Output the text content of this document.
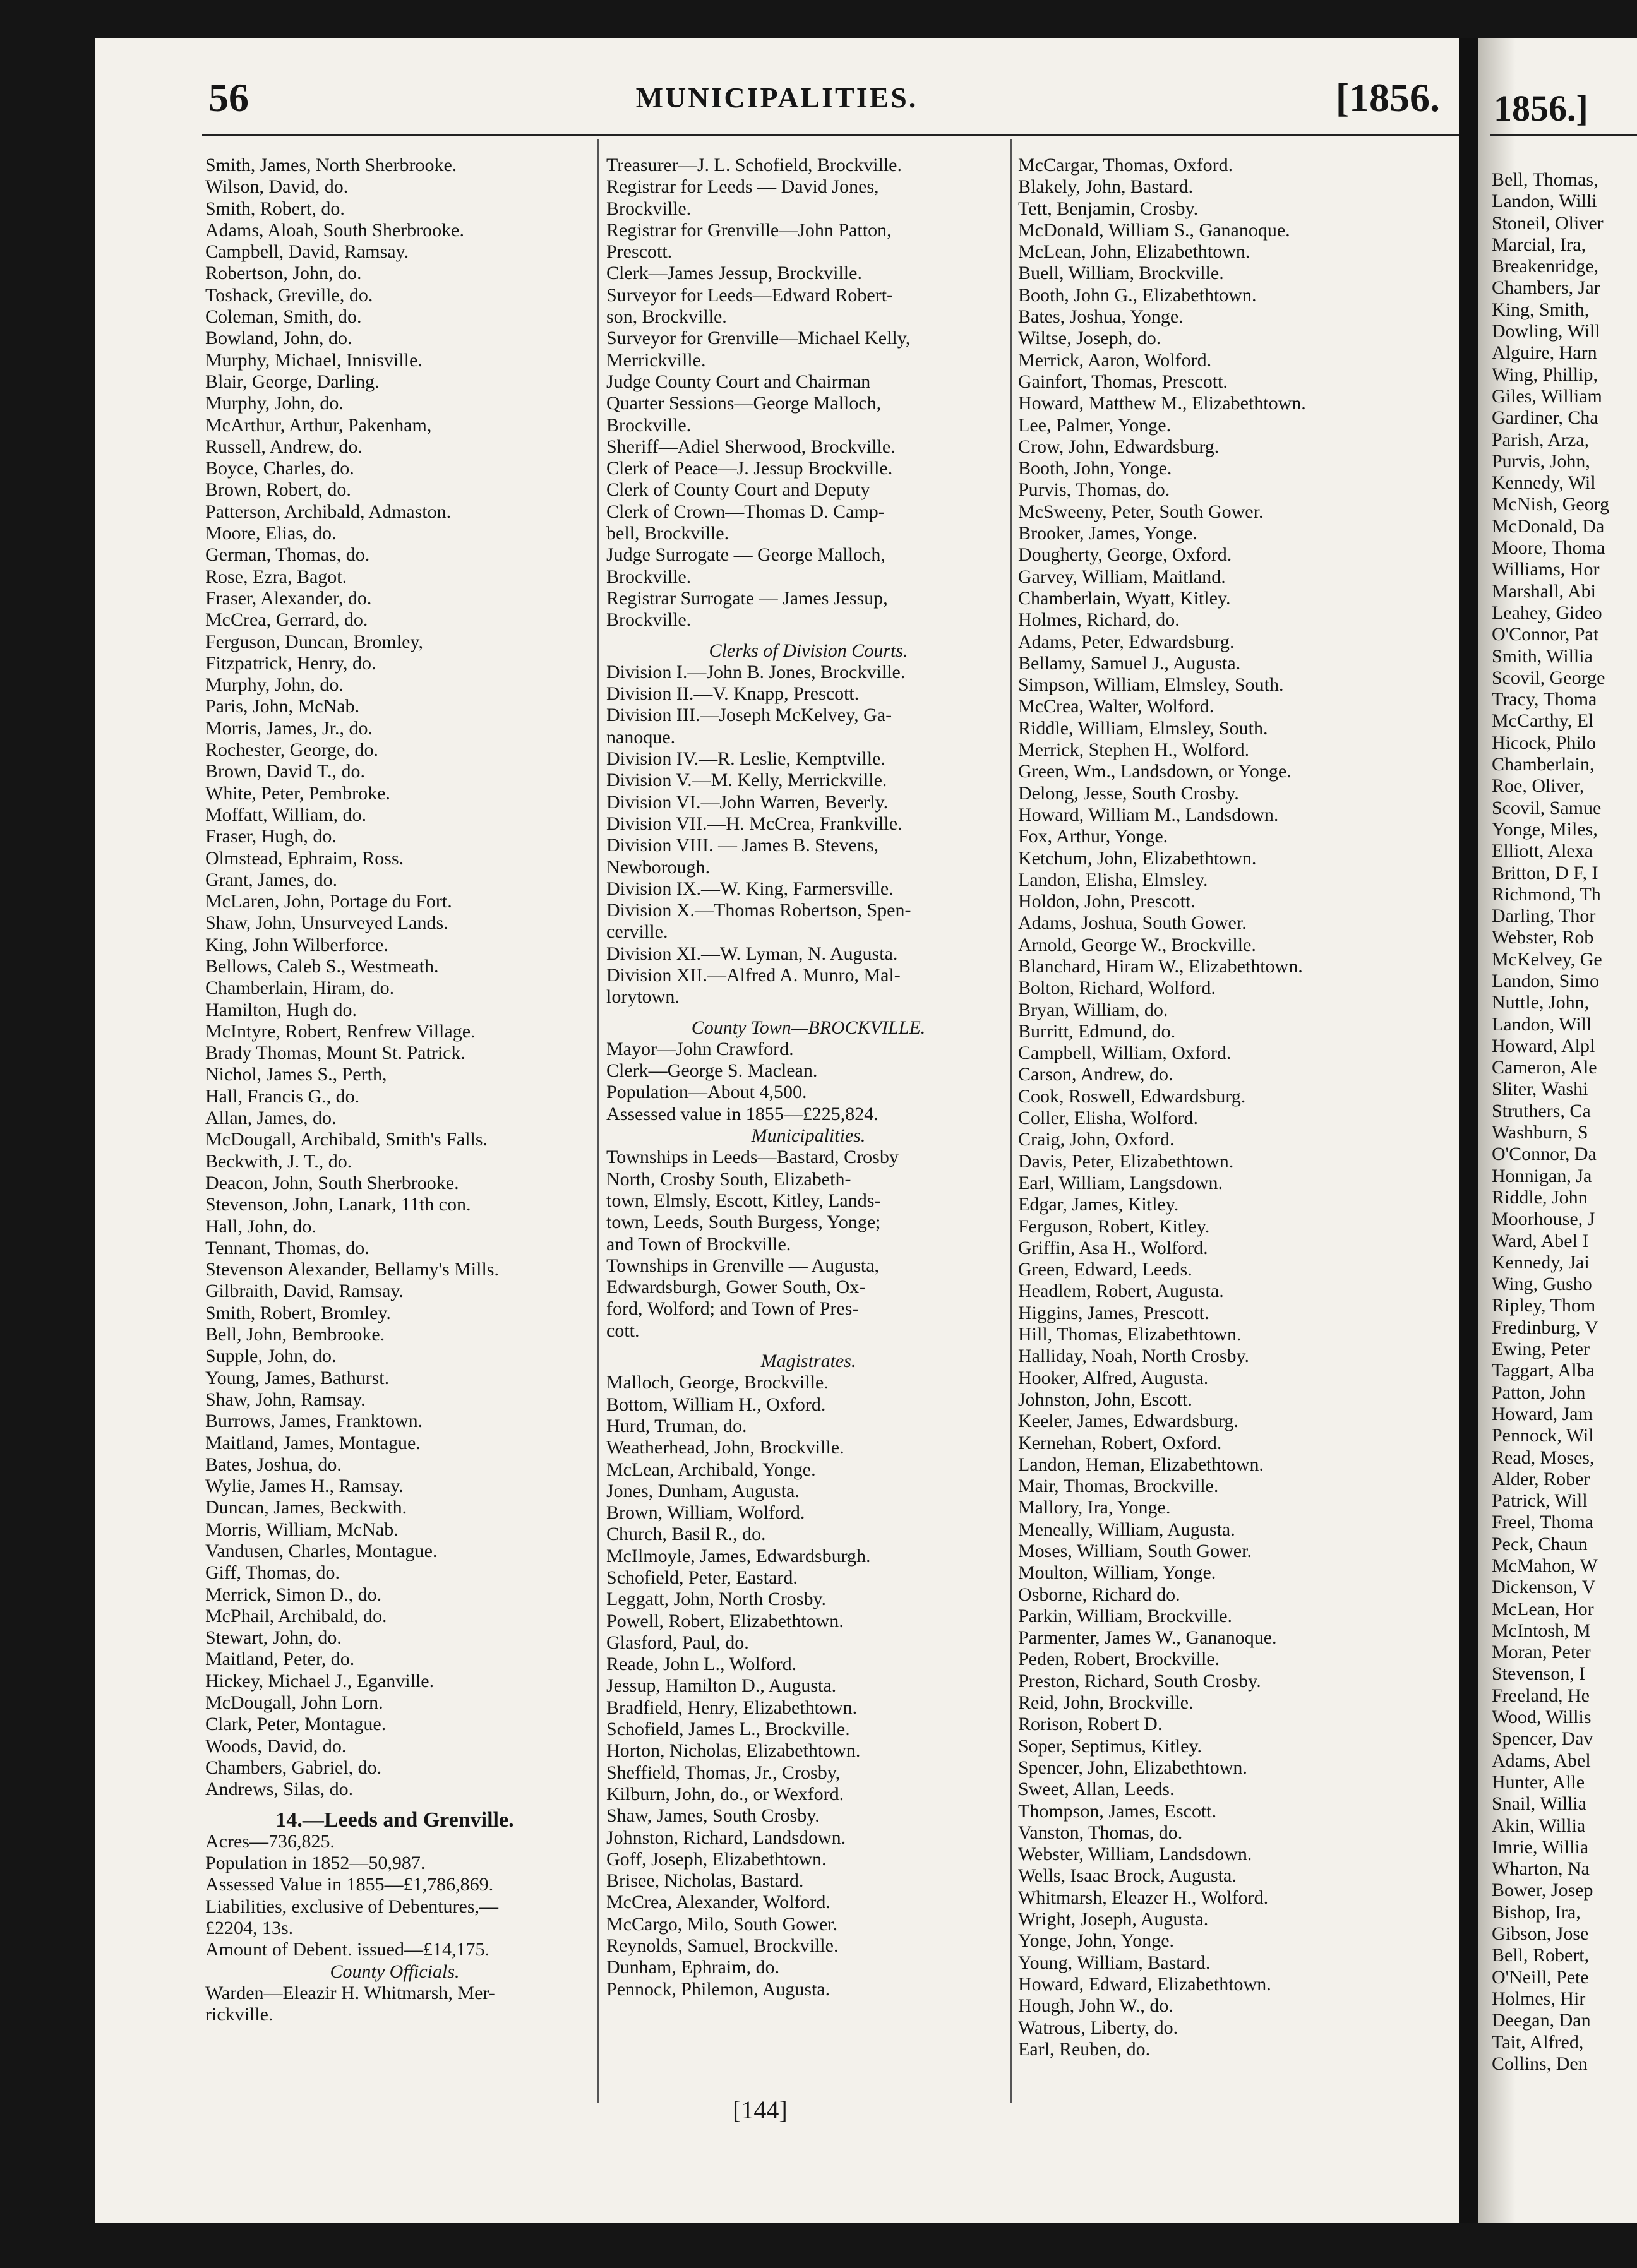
1856.]
56	MUNICIPALITIES.	[1856.
Smith, James, North Sherbrooke.
Wilson, David, do.
Smith, Robert, do.
Adams, Aloah, South Sherbrooke.
Campbell, David, Ramsay.
Robertson, John, do.
Toshack, Greville, do.
Coleman, Smith, do.
Bowland, John, do.
Murphy, Michael, Innisville.
Blair, George, Darling.
Murphy, John, do.
McArthur, Arthur, Pakenham,
Russell, Andrew, do.
Boyce, Charles, do.
Brown, Robert, do.
Patterson, Archibald, Admaston.
Moore, Elias, do.
German, Thomas, do.
Rose, Ezra, Bagot.
Fraser, Alexander, do.
McCrea, Gerrard, do.
Ferguson, Duncan, Bromley,
Fitzpatrick, Henry, do.
Murphy, John, do.
Paris, John, McNab.
Morris, James, Jr., do.
Rochester, George, do.
Brown, David T., do.
White, Peter, Pembroke.
Moffatt, William, do.
Fraser, Hugh, do.
Olmstead, Ephraim, Ross.
Grant, James, do.
McLaren, John, Portage du Fort.
Shaw, John, Unsurveyed Lands.
King, John Wilberforce.
Bellows, Caleb S., Westmeath.
Chamberlain, Hiram, do.
Hamilton, Hugh do.
McIntyre, Robert, Renfrew Village.
Brady Thomas, Mount St. Patrick.
Nichol, James S., Perth,
Hall, Francis G., do.
Allan, James, do.
McDougall, Archibald, Smith's Falls.
Beckwith, J. T., do.
Deacon, John, South Sherbrooke.
Stevenson, John, Lanark, 11th con.
Hall, John, do.
Tennant, Thomas, do.
Stevenson Alexander, Bellamy's Mills.
Gilbraith, David, Ramsay.
Smith, Robert, Bromley.
Bell, John, Bembrooke.
Supple, John, do.
Young, James, Bathurst.
Shaw, John, Ramsay.
Burrows, James, Franktown.
Maitland, James, Montague.
Bates, Joshua, do.
Wylie, James H., Ramsay.
Duncan, James, Beckwith.
Morris, William, McNab.
Vandusen, Charles, Montague.
Giff, Thomas, do.
Merrick, Simon D., do.
McPhail, Archibald, do.
Stewart, John, do.
Maitland, Peter, do.
Hickey, Michael J., Eganville.
McDougall, John Lorn.
Clark, Peter, Montague.
Woods, David, do.
Chambers, Gabriel, do.
Andrews, Silas, do.
14.—Leeds and Grenville.
Acres—736,825.
Population in 1852—50,987.
Assessed Value in 1855—£1,786,869.
Liabilities, exclusive of Debentures,—
£2204, 13s.
Amount of Debent. issued—£14,175.
County Officials.
Warden—Eleazir H. Whitmarsh, Mer-
rickville.
Treasurer—J. L. Schofield, Brockville.
Registrar for Leeds — David Jones,
Brockville.
Registrar for Grenville—John Patton,
Prescott.
Clerk—James Jessup, Brockville.
Surveyor for Leeds—Edward Robert-
son, Brockville.
Surveyor for Grenville—Michael Kelly,
Merrickville.
Judge County Court and Chairman
Quarter Sessions—George Malloch,
Brockville.
Sheriff—Adiel Sherwood, Brockville.
Clerk of Peace—J. Jessup Brockville.
Clerk of County Court and Deputy
Clerk of Crown—Thomas D. Camp-
bell, Brockville.
Judge Surrogate — George Malloch,
Brockville.
Registrar Surrogate — James Jessup,
Brockville.
Clerks of Division Courts.
Division I.—John B. Jones, Brockville.
Division II.—V. Knapp, Prescott.
Division III.—Joseph McKelvey, Ga-
nanoque.
Division IV.—R. Leslie, Kemptville.
Division V.—M. Kelly, Merrickville.
Division VI.—John Warren, Beverly.
Division VII.—H. McCrea, Frankville.
Division VIII. — James B. Stevens,
Newborough.
Division IX.—W. King, Farmersville.
Division X.—Thomas Robertson, Spen-
cerville.
Division XI.—W. Lyman, N. Augusta.
Division XII.—Alfred A. Munro, Mal-
lorytown.
County Town—BROCKVILLE.
Mayor—John Crawford.
Clerk—George S. Maclean.
Population—About 4,500.
Assessed value in 1855—£225,824.
Municipalities.
Townships in Leeds—Bastard, Crosby
North, Crosby South, Elizabeth-
town, Elmsly, Escott, Kitley, Lands-
town, Leeds, South Burgess, Yonge;
and Town of Brockville.
Townships in Grenville — Augusta,
Edwardsburgh, Gower South, Ox-
ford, Wolford; and Town of Pres-
cott.
Magistrates.
Malloch, George, Brockville.
Bottom, William H., Oxford.
Hurd, Truman, do.
Weatherhead, John, Brockville.
McLean, Archibald, Yonge.
Jones, Dunham, Augusta.
Brown, William, Wolford.
Church, Basil R., do.
McIlmoyle, James, Edwardsburgh.
Schofield, Peter, Eastard.
Leggatt, John, North Crosby.
Powell, Robert, Elizabethtown.
Glasford, Paul, do.
Reade, John L., Wolford.
Jessup, Hamilton D., Augusta.
Bradfield, Henry, Elizabethtown.
Schofield, James L., Brockville.
Horton, Nicholas, Elizabethtown.
Sheffield, Thomas, Jr., Crosby,
Kilburn, John, do., or Wexford.
Shaw, James, South Crosby.
Johnston, Richard, Landsdown.
Goff, Joseph, Elizabethtown.
Brisee, Nicholas, Bastard.
McCrea, Alexander, Wolford.
McCargo, Milo, South Gower.
Reynolds, Samuel, Brockville.
Dunham, Ephraim, do.
Pennock, Philemon, Augusta.
McCargar, Thomas, Oxford.
Blakely, John, Bastard.
Tett, Benjamin, Crosby.
McDonald, William S., Gananoque.
McLean, John, Elizabethtown.
Buell, William, Brockville.
Booth, John G., Elizabethtown.
Bates, Joshua, Yonge.
Wiltse, Joseph, do.
Merrick, Aaron, Wolford.
Gainfort, Thomas, Prescott.
Howard, Matthew M., Elizabethtown.
Lee, Palmer, Yonge.
Crow, John, Edwardsburg.
Booth, John, Yonge.
Purvis, Thomas, do.
McSweeny, Peter, South Gower.
Brooker, James, Yonge.
Dougherty, George, Oxford.
Garvey, William, Maitland.
Chamberlain, Wyatt, Kitley.
Holmes, Richard, do.
Adams, Peter, Edwardsburg.
Bellamy, Samuel J., Augusta.
Simpson, William, Elmsley, South.
McCrea, Walter, Wolford.
Riddle, William, Elmsley, South.
Merrick, Stephen H., Wolford.
Green, Wm., Landsdown, or Yonge.
Delong, Jesse, South Crosby.
Howard, William M., Landsdown.
Fox, Arthur, Yonge.
Ketchum, John, Elizabethtown.
Landon, Elisha, Elmsley.
Holdon, John, Prescott.
Adams, Joshua, South Gower.
Arnold, George W., Brockville.
Blanchard, Hiram W., Elizabethtown.
Bolton, Richard, Wolford.
Bryan, William, do.
Burritt, Edmund, do.
Campbell, William, Oxford.
Carson, Andrew, do.
Cook, Roswell, Edwardsburg.
Coller, Elisha, Wolford.
Craig, John, Oxford.
Davis, Peter, Elizabethtown.
Earl, William, Langsdown.
Edgar, James, Kitley.
Ferguson, Robert, Kitley.
Griffin, Asa H., Wolford.
Green, Edward, Leeds.
Headlem, Robert, Augusta.
Higgins, James, Prescott.
Hill, Thomas, Elizabethtown.
Halliday, Noah, North Crosby.
Hooker, Alfred, Augusta.
Johnston, John, Escott.
Keeler, James, Edwardsburg.
Kernehan, Robert, Oxford.
Landon, Heman, Elizabethtown.
Mair, Thomas, Brockville.
Mallory, Ira, Yonge.
Meneally, William, Augusta.
Moses, William, South Gower.
Moulton, William, Yonge.
Osborne, Richard do.
Parkin, William, Brockville.
Parmenter, James W., Gananoque.
Peden, Robert, Brockville.
Preston, Richard, South Crosby.
Reid, John, Brockville.
Rorison, Robert D.
Soper, Septimus, Kitley.
Spencer, John, Elizabethtown.
Sweet, Allan, Leeds.
Thompson, James, Escott.
Vanston, Thomas, do.
Webster, William, Landsdown.
Wells, Isaac Brock, Augusta.
Whitmarsh, Eleazer H., Wolford.
Wright, Joseph, Augusta.
Yonge, John, Yonge.
Young, William, Bastard.
Howard, Edward, Elizabethtown.
Hough, John W., do.
Watrous, Liberty, do.
Earl, Reuben, do.
Bell, Thomas,
Landon, Willi
Stoneil, Oliver
Marcial, Ira,
Breakenridge,
Chambers, Jar
King, Smith,
Dowling, Will
Alguire, Harn
Wing, Phillip,
Giles, William
Gardiner, Cha
Parish, Arza,
Purvis, John,
Kennedy, Wil
McNish, Georg
McDonald, Da
Moore, Thoma
Williams, Hor
Marshall, Abi
Leahey, Gideo
O'Connor, Pat
Smith, Willia
Scovil, George
Tracy, Thoma
McCarthy, El
Hicock, Philo
Chamberlain,
Roe, Oliver,
Scovil, Samue
Yonge, Miles,
Elliott, Alexa
Britton, D F, I
Richmond, Th
Darling, Thor
Webster, Rob
McKelvey, Ge
Landon, Simo
Nuttle, John,
Landon, Will
Howard, Alpl
Cameron, Ale
Sliter, Washi
Struthers, Ca
Washburn, S
O'Connor, Da
Honnigan, Ja
Riddle, John
Moorhouse, J
Ward, Abel I
Kennedy, Jai
Wing, Gusho
Ripley, Thom
Fredinburg, V
Ewing, Peter
Taggart, Alba
Patton, John
Howard, Jam
Pennock, Wil
Read, Moses,
Alder, Rober
Patrick, Will
Freel, Thoma
Peck, Chaun
McMahon, W
Dickenson, V
McLean, Hor
McIntosh, M
Moran, Peter
Stevenson, I
Freeland, He
Wood, Willis
Spencer, Dav
Adams, Abel
Hunter, Alle
Snail, Willia
Akin, Willia
Imrie, Willia
Wharton, Na
Bower, Josep
Bishop, Ira,
Gibson, Jose
Bell, Robert,
O'Neill, Pete
Holmes, Hir
Deegan, Dan
Tait, Alfred,
Collins, Den
[144]
